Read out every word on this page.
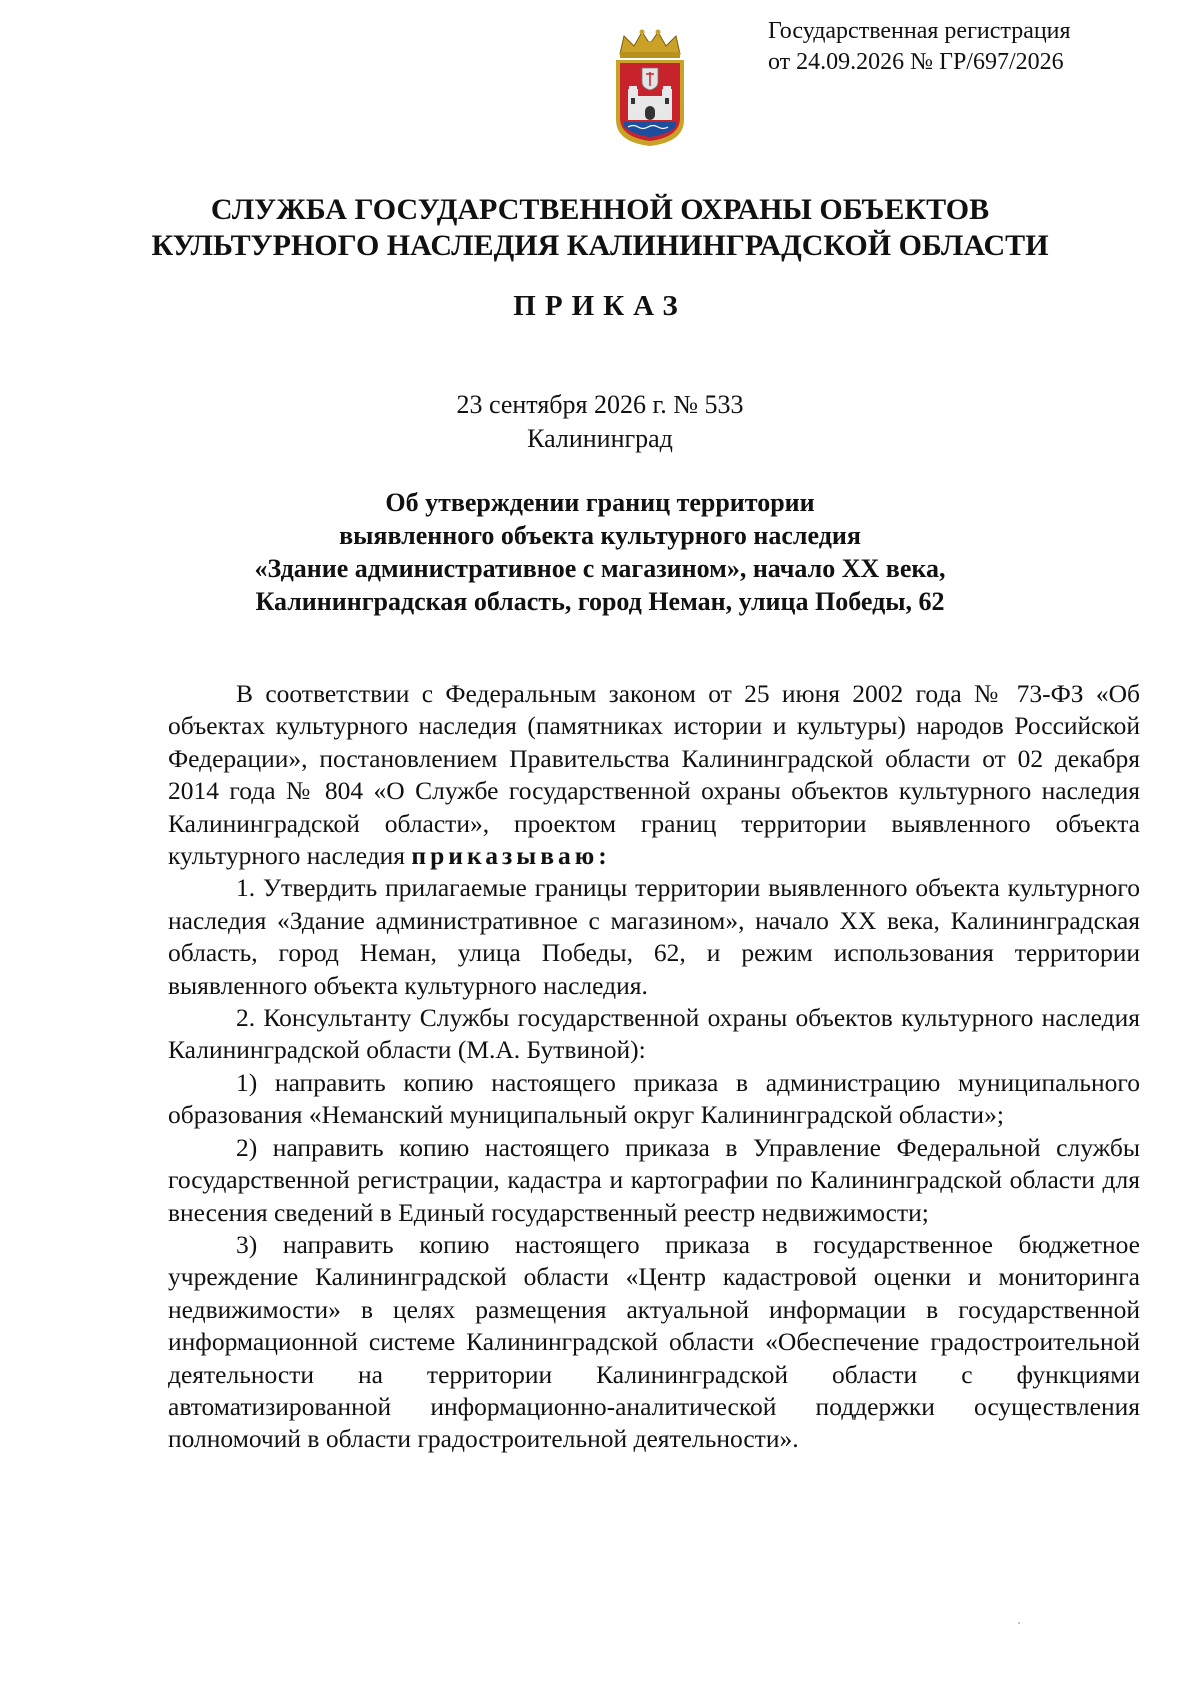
Государственная регистрация
от 24.09.2026 № ГР/697/2026
СЛУЖБА ГОСУДАРСТВЕННОЙ ОХРАНЫ ОБЪЕКТОВ
КУЛЬТУРНОГО НАСЛЕДИЯ КАЛИНИНГРАДСКОЙ ОБЛАСТИ
ПРИКАЗ
23 сентября 2026 г. № 533
Калининград
Об утверждении границ территории
выявленного объекта культурного наследия
«Здание административное с магазином», начало XX века,
Калининградская область, город Неман, улица Победы, 62

В соответствии с Федеральным законом от 25 июня 2002 года № 73-ФЗ «Об объектах культурного наследия (памятниках истории и культуры) народов Российской Федерации», постановлением Правительства Калининградской области от 02 декабря 2014 года № 804 «О Службе государственной охраны объектов культурного наследия Калининградской области», проектом границ территории выявленного объекта культурного наследия приказываю:

1. Утвердить прилагаемые границы территории выявленного объекта культурного наследия «Здание административное с магазином», начало XX века, Калининградская область, город Неман, улица Победы, 62, и режим использования территории выявленного объекта культурного наследия.

2. Консультанту Службы государственной охраны объектов культурного наследия Калининградской области (М.А. Бутвиной):

1) направить копию настоящего приказа в администрацию муниципального образования «Неманский муниципальный округ Калининградской области»;

2) направить копию настоящего приказа в Управление Федеральной службы государственной регистрации, кадастра и картографии по Калининградской области для внесения сведений в Единый государственный реестр недвижимости;

3) направить копию настоящего приказа в государственное бюджетное учреждение Калининградской области «Центр кадастровой оценки и мониторинга недвижимости» в целях размещения актуальной информации в государственной информационной системе Калининградской области «Обеспечение градостроительной деятельности на территории Калининградской области с функциями автоматизированной информационно-аналитической поддержки осуществления полномочий в области градостроительной деятельности».
